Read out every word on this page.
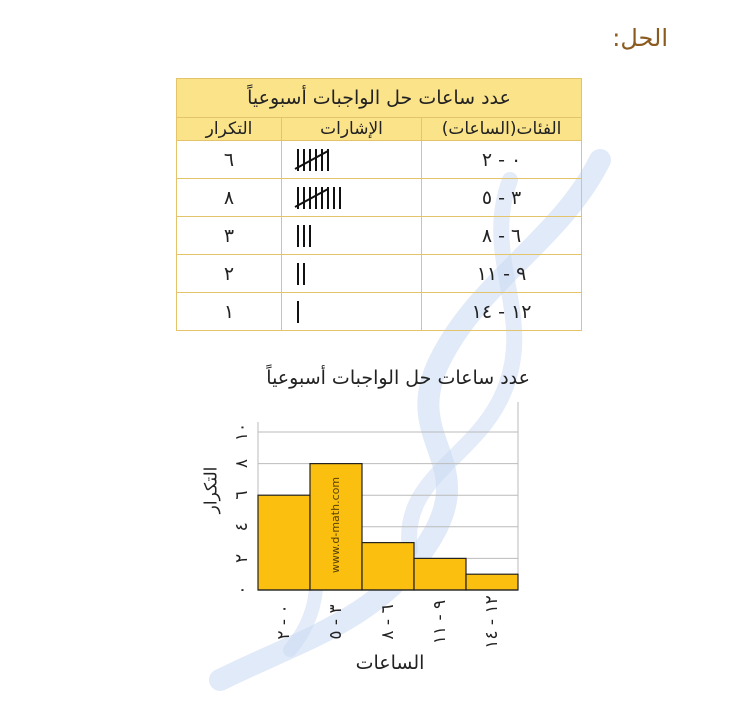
الحل:
عدد ساعات حل الواجبات أسبوعياً		
الفئات(الساعات)	الإشارات	التكرار
٠ - ٢		٦
٣ - ٥		٨
٦ - ٨		٣
٩ - ١١		٢
١٢ - ١٤		١
عدد ساعات حل الواجبات أسبوعياً
التكرار
الساعات
٠
٢
٤
٦
٨
١٠
٠ - ٢
٣ - ٥
٦ - ٨
٩ - ١١
١٢ - ١٤
www.d-math.com
